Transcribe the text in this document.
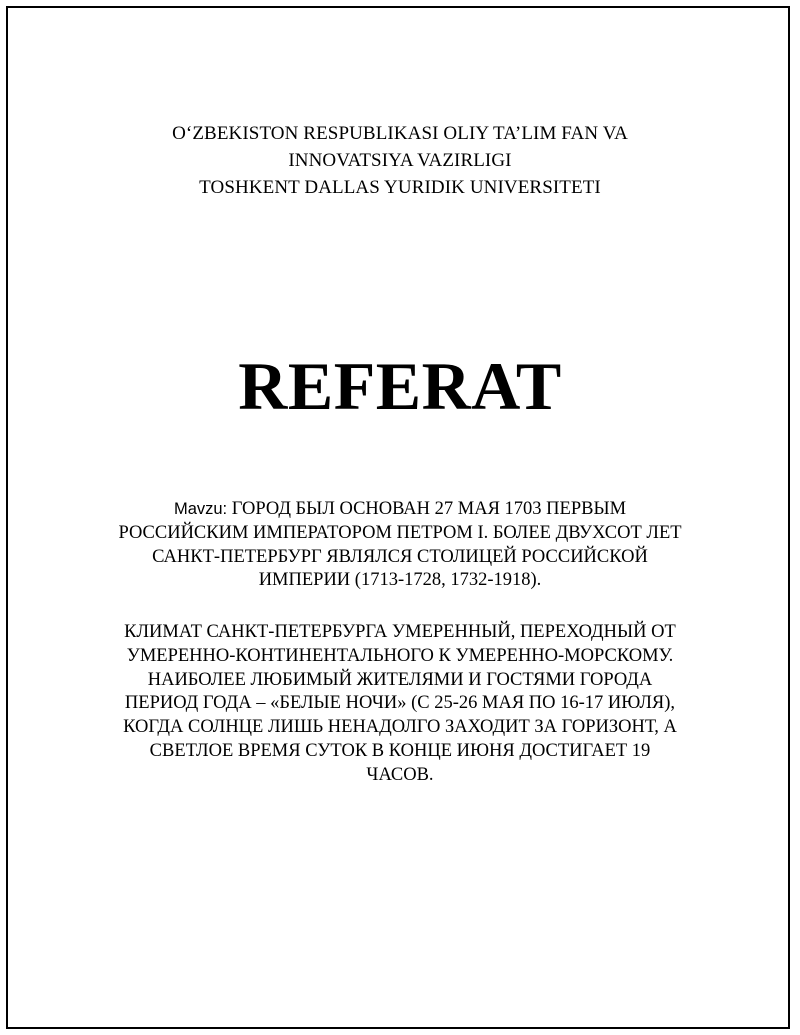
O‘ZBEKISTON RESPUBLIKASI OLIY TA’LIM FAN VA
INNOVATSIYA VAZIRLIGI
TOSHKENT DALLAS YURIDIK UNIVERSITETI
REFERAT
Mavzu: ГОРОД БЫЛ ОСНОВАН 27 МАЯ 1703 ПЕРВЫМ
РОССИЙСКИМ ИМПЕРАТОРОМ ПЕТРОМ I. БОЛЕЕ ДВУХСОТ ЛЕТ
САНКТ-ПЕТЕРБУРГ ЯВЛЯЛСЯ СТОЛИЦЕЙ РОССИЙСКОЙ
ИМПЕРИИ (1713-1728, 1732-1918).
КЛИМАТ САНКТ-ПЕТЕРБУРГА УМЕРЕННЫЙ, ПЕРЕХОДНЫЙ ОТ
УМЕРЕННО-КОНТИНЕНТАЛЬНОГО К УМЕРЕННО-МОРСКОМУ.
НАИБОЛЕЕ ЛЮБИМЫЙ ЖИТЕЛЯМИ И ГОСТЯМИ ГОРОДА
ПЕРИОД ГОДА – «БЕЛЫЕ НОЧИ» (С 25-26 МАЯ ПО 16-17 ИЮЛЯ),
КОГДА СОЛНЦЕ ЛИШЬ НЕНАДОЛГО ЗАХОДИТ ЗА ГОРИЗОНТ, А
СВЕТЛОЕ ВРЕМЯ СУТОК В КОНЦЕ ИЮНЯ ДОСТИГАЕТ 19
ЧАСОВ.
